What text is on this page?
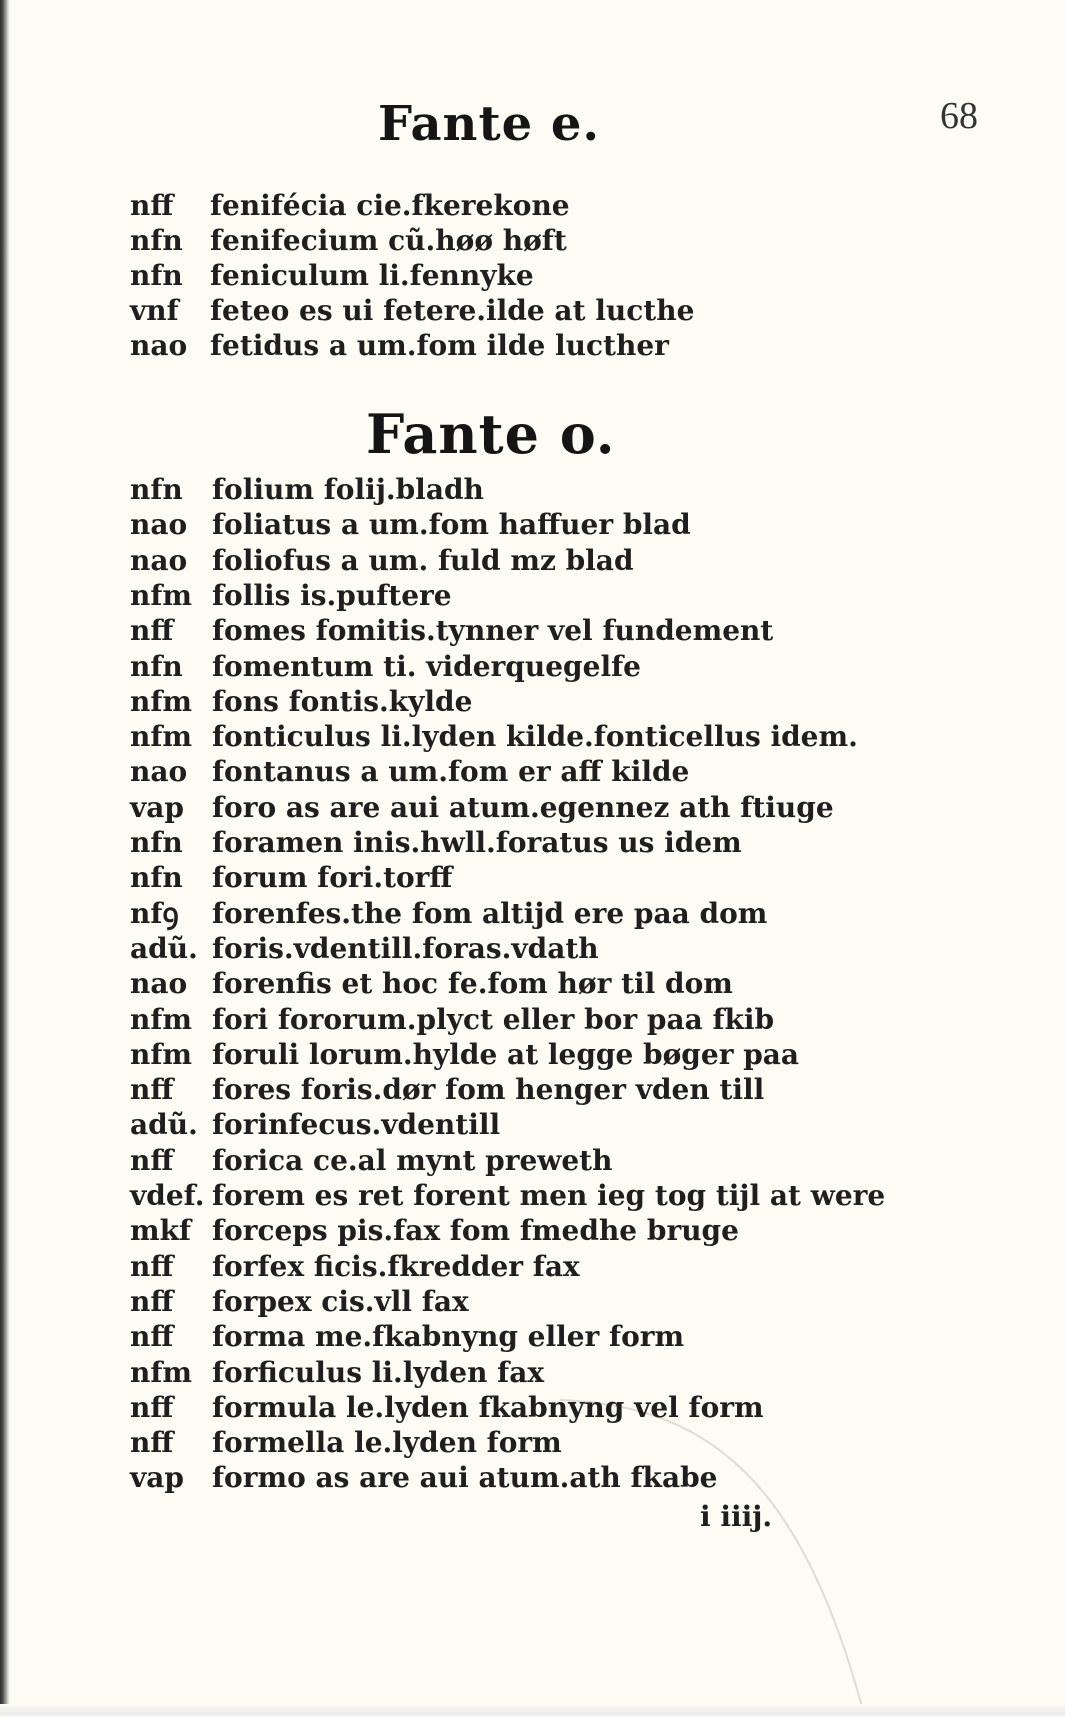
68
Fante e.
Fante o.
nff fenifécia cie.fkerekone
nfn fenifecium cũ.høø høft
nfn feniculum li.fennyke
vnf feteo es ui fetere.ilde at lucthe
nao fetidus a um.fom ilde lucther
nfn folium folij.bladh
nao foliatus a um.fom haffuer blad
nao foliofus a um. fuld mz blad
nfm follis is.puftere
nff fomes fomitis.tynner vel fundement
nfn fomentum ti. viderquegelfe
nfm fons fontis.kylde
nfm fonticulus li.lyden kilde.fonticellus idem.
nao fontanus a um.fom er aff kilde
vap foro as are aui atum.egennez ath ftiuge
nfn foramen inis.hwll.foratus us idem
nfn forum fori.torff
nfꝯ forenfes.the fom altijd ere paa dom
adũ. foris.vdentill.foras.vdath
nao forenfis et hoc fe.fom hør til dom
nfm fori fororum.plyct eller bor paa fkib
nfm foruli lorum.hylde at legge bøger paa
nff fores foris.dør fom henger vden till
adũ. forinfecus.vdentill
nff forica ce.al mynt preweth
vdef. forem es ret forent men ieg tog tijl at were
mkf forceps pis.fax fom fmedhe bruge
nff forfex ficis.fkredder fax
nff forpex cis.vll fax
nff forma me.fkabnyng eller form
nfm forficulus li.lyden fax
nff formula le.lyden fkabnyng vel form
nff formella le.lyden form
vap formo as are aui atum.ath fkabe
i iiij.
